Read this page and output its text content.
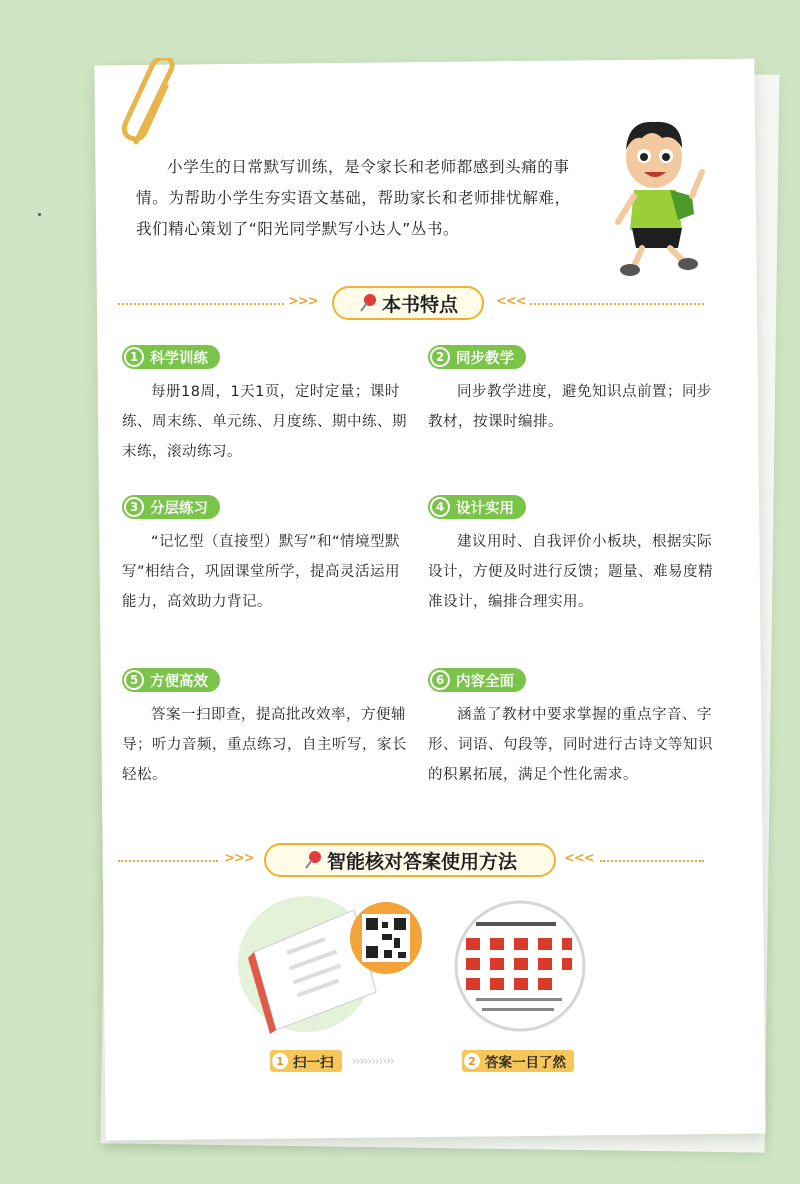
小学生的日常默写训练，是令家长和老师都感到头痛的事情。为帮助小学生夯实语文基础，帮助家长和老师排忧解难，我们精心策划了“阳光同学默写小达人”丛书。
>>>	本书特点	<<<
1 科学训练

每册18周，1天1页，定时定量；课时练、周末练、单元练、月度练、期中练、期末练，滚动练习。

2 同步教学

同步教学进度，避免知识点前置；同步教材，按课时编排。

3 分层练习

“记忆型（直接型）默写”和“情境型默写”相结合，巩固课堂所学，提高灵活运用能力，高效助力背记。

4 设计实用

建议用时、自我评价小板块，根据实际设计，方便及时进行反馈；题量、难易度精准设计，编排合理实用。

5 方便高效

答案一扫即查，提高批改效率，方便辅导；听力音频，重点练习，自主听写，家长轻松。

6 内容全面

涵盖了教材中要求掌握的重点字音、字形、词语、句段等，同时进行古诗文等知识的积累拓展，满足个性化需求。

>>>	智能核对答案使用方法	<<<
1 扫一扫 ›››››››››››	2 答案一目了然
